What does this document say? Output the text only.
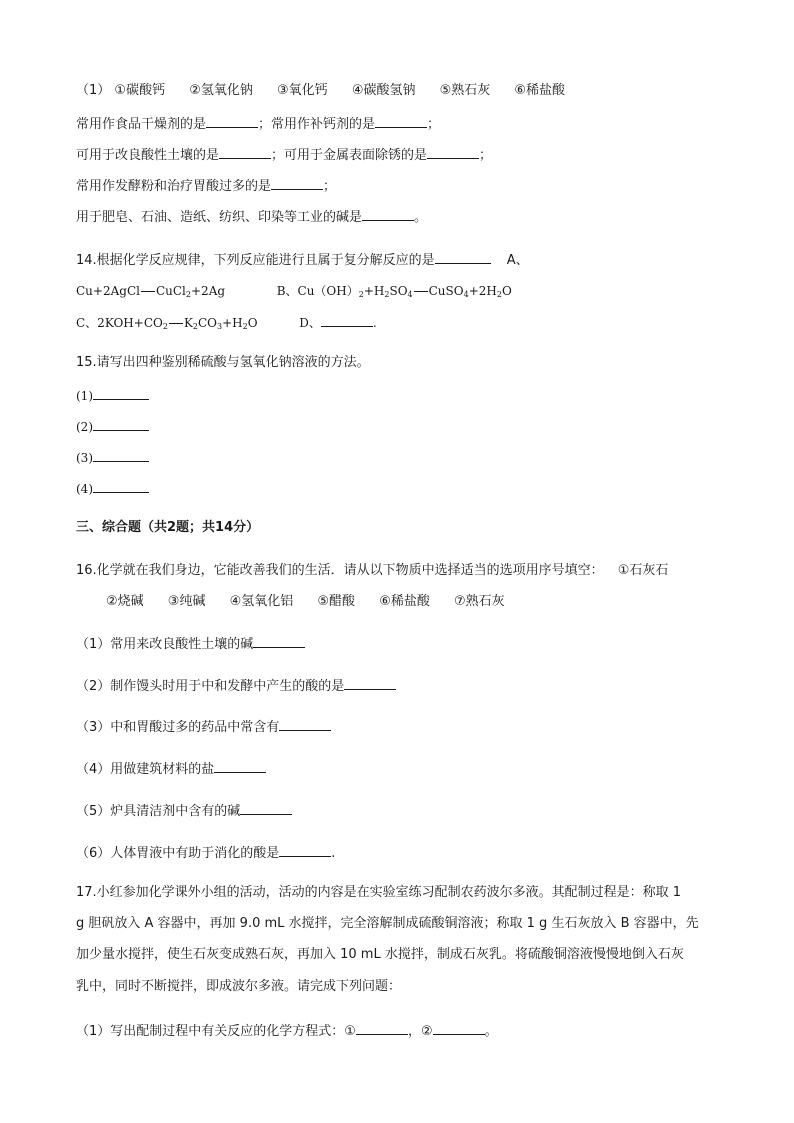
（1） ①碳酸钙 ②氢氧化钠 ③氧化钙 ④碳酸氢钠 ⑤熟石灰 ⑥稀盐酸
常用作食品干燥剂的是	；常用作补钙剂的是	；
可用于改良酸性土壤的是	；可用于金属表面除锈的是	；
常用作发酵粉和治疗胃酸过多的是	；
用于肥皂、石油、造纸、纺织、印染等工业的碱是	。
14.根据化学反应规律，下列反应能进行且属于复分解反应的是	A、
Cu+2AgCl CuCl$_2$+2Ag	B、$Cu(OH)_2+H_2SO_4$ $CuSO_4+2H_2O$
C、$2KOH+CO_2$ $K_2CO_3+H_2O$	D、	.
15.请写出四种鉴别稀硫酸与氢氧化钠溶液的方法。
(1)
(2)
(3)
(4)
三、综合题（共2题；共14分）
16.化学就在我们身边，它能改善我们的生活．请从以下物质中选择适当的选项用序号填空： ①石灰石
②烧碱 ③纯碱 ④氢氧化铝 ⑤醋酸 ⑥稀盐酸 ⑦熟石灰
（1）常用来改良酸性土壤的碱
（2）制作馒头时用于中和发酵中产生的酸的是
（3）中和胃酸过多的药品中常含有
（4）用做建筑材料的盐
（5）炉具清洁剂中含有的碱
（6）人体胃液中有助于消化的酸是	.
17.小红参加化学课外小组的活动，活动的内容是在实验室练习配制农药波尔多液。其配制过程是：称取 1
g 胆矾放入 A 容器中，再加 9.0 mL 水搅拌，完全溶解制成硫酸铜溶液；称取 1 g 生石灰放入 B 容器中，先
加少量水搅拌，使生石灰变成熟石灰，再加入 10 mL 水搅拌，制成石灰乳。将硫酸铜溶液慢慢地倒入石灰
乳中，同时不断搅拌，即成波尔多液。请完成下列问题：
（1）写出配制过程中有关反应的化学方程式：①	，②	。
